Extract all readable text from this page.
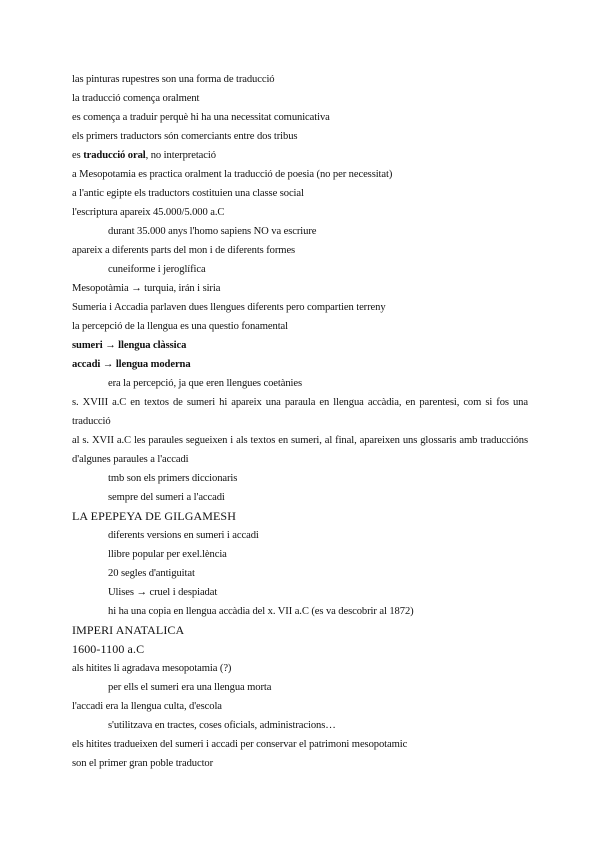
las pinturas rupestres son una forma de traducció
la traducció comença oralment
es comença a traduir perquè hi ha una necessitat comunicativa
els primers traductors són comerciants entre dos tribus
es traducció oral, no interpretació
a Mesopotamia es practica oralment la traducció de poesia (no per necessitat)
a l'antic egipte els traductors costituien una classe social
l'escriptura apareix 45.000/5.000 a.C
durant 35.000 anys l'homo sapiens NO va escriure
apareix a diferents parts del mon i de diferents formes
cuneiforme i jeroglífica
Mesopotàmia → turquia, irán i siria
Sumeria i Accadia parlaven dues llengues diferents pero compartien terreny
la percepció de la llengua es una questio fonamental
sumeri → llengua clàssica
accadi → llengua moderna
era la percepció, ja que eren llengues coetànies
s. XVIII a.C en textos de sumeri hi apareix una paraula en llengua accàdia, en parentesi, com si fos una traducció
al s. XVII a.C les paraules segueixen i als textos en sumeri, al final, apareixen uns glossaris amb traduccións d'algunes paraules a l'accadi
tmb son els primers diccionaris
sempre del sumeri a l'accadi
LA EPEPEYA DE GILGAMESH
diferents versions en sumeri i accadi
llibre popular per exel.lència
20 segles d'antiguitat
Ulises → cruel i despiadat
hi ha una copia en llengua accàdia del x. VII a.C (es va descobrir al 1872)
IMPERI ANATALICA
1600-1100 a.C
als hitites li agradava mesopotamia (?)
per ells el sumeri era una llengua morta
l'accadi era la llengua culta, d'escola
s'utilitzava en tractes, coses oficials, administracions…
els hitites tradueixen del sumeri i accadi per conservar el patrimoni mesopotamic
son el primer gran poble traductor
